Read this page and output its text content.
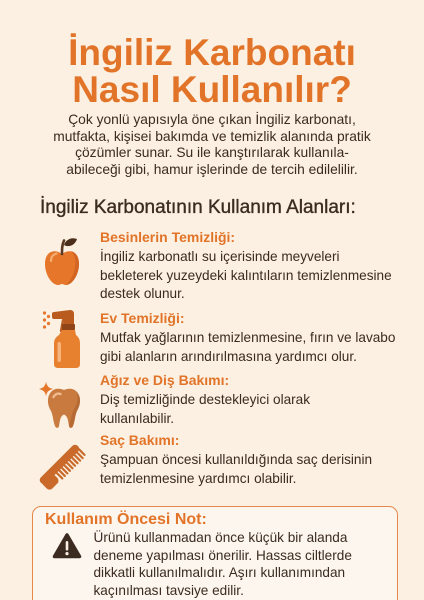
İngiliz Karbonatı
Nasıl Kullanılır?
Çok yonlü yapısıyla öne çıkan İngiliz karbonatı,
mutfakta, kişisei bakımda ve temizlik alanında pratik
çözümler sunar. Su ile kanştırılarak kullanıla-
abileceği gibi, hamur işlerinde de tercih edilelilir.
İngiliz Karbonatının Kullanım Alanları:
Besinlerin Temizliği:
İngiliz karbonatlı su içerisinde meyveleri
bekleterek yuzeydeki kalıntıların temizlenmesine
destek olunur.
Ev Temizliği:
Mutfak yağlarının temizlenmesine, fırın ve lavabo
gibi alanların arındırılmasına yardımcı olur.
Ağız ve Diş Bakımı:
Diş temizliğinde destekleyici olarak
kullanılabilir.
Saç Bakımı:
Şampuan öncesi kullanıldığında saç derisinin
temizlenmesine yardımcı olabilir.
Kullanım Öncesi Not:
Ürünü kullanmadan önce küçük bir alanda
deneme yapılması önerilir. Hassas ciltlerde
dikkatli kullanılmalıdır. Aşırı kullanımından
kaçınılması tavsiye edilir.
